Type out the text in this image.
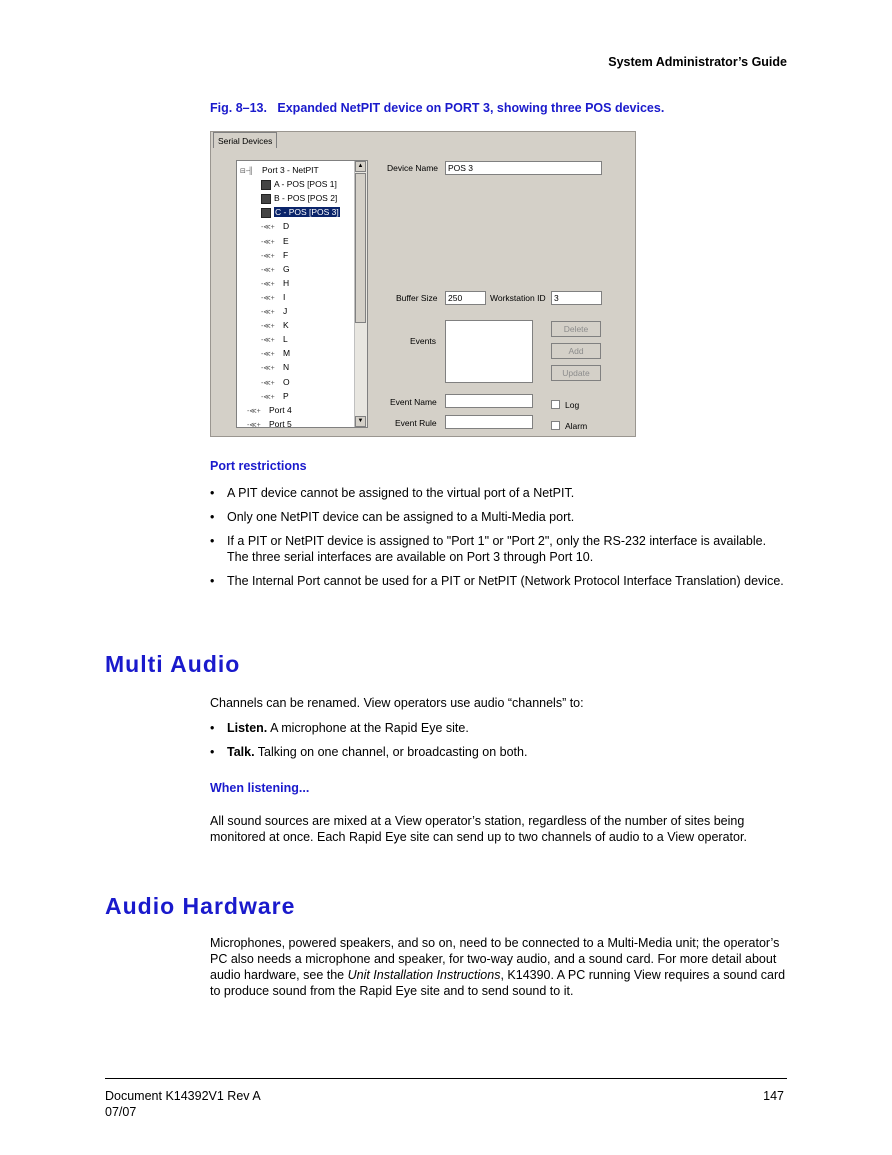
System Administrator’s Guide
Fig. 8–13.   Expanded NetPIT device on PORT 3, showing three POS devices.
Serial Devices
▲
▼
⊟-╢ Port 3 - NetPIT
A - POS [POS 1]
B - POS [POS 2]
C - POS [POS 3]
-≪+ D
-≪+ E
-≪+ F
-≪+ G
-≪+ H
-≪+ I
-≪+ J
-≪+ K
-≪+ L
-≪+ M
-≪+ N
-≪+ O
-≪+ P
-≪+ Port 4
-≪+ Port 5
Device Name	POS 3
Buffer Size	250	Workstation ID 3
Events
Delete
Add
Update
Event Name
Event Rule
Log
Alarm
Port restrictions
• A PIT device cannot be assigned to the virtual port of a NetPIT.
• Only one NetPIT device can be assigned to a Multi-Media port.
• If a PIT or NetPIT device is assigned to "Port 1" or "Port 2", only the RS-232 interface is available. The three serial interfaces are available on Port 3 through Port 10.
• The Internal Port cannot be used for a PIT or NetPIT (Network Protocol Interface Translation) device.
Multi Audio
Channels can be renamed. View operators use audio “channels” to:
• Listen. A microphone at the Rapid Eye site.
• Talk. Talking on one channel, or broadcasting on both.
When listening...
All sound sources are mixed at a View operator’s station, regardless of the number of sites being monitored at once. Each Rapid Eye site can send up to two channels of audio to a View operator.
Audio Hardware
Microphones, powered speakers, and so on, need to be connected to a Multi-Media unit; the operator’s PC also needs a microphone and speaker, for two-way audio, and a sound card. For more detail about audio hardware, see the Unit Installation Instructions, K14390. A PC running View requires a sound card to produce sound from the Rapid Eye site and to send sound to it.
Document K14392V1 Rev A
07/07
147
